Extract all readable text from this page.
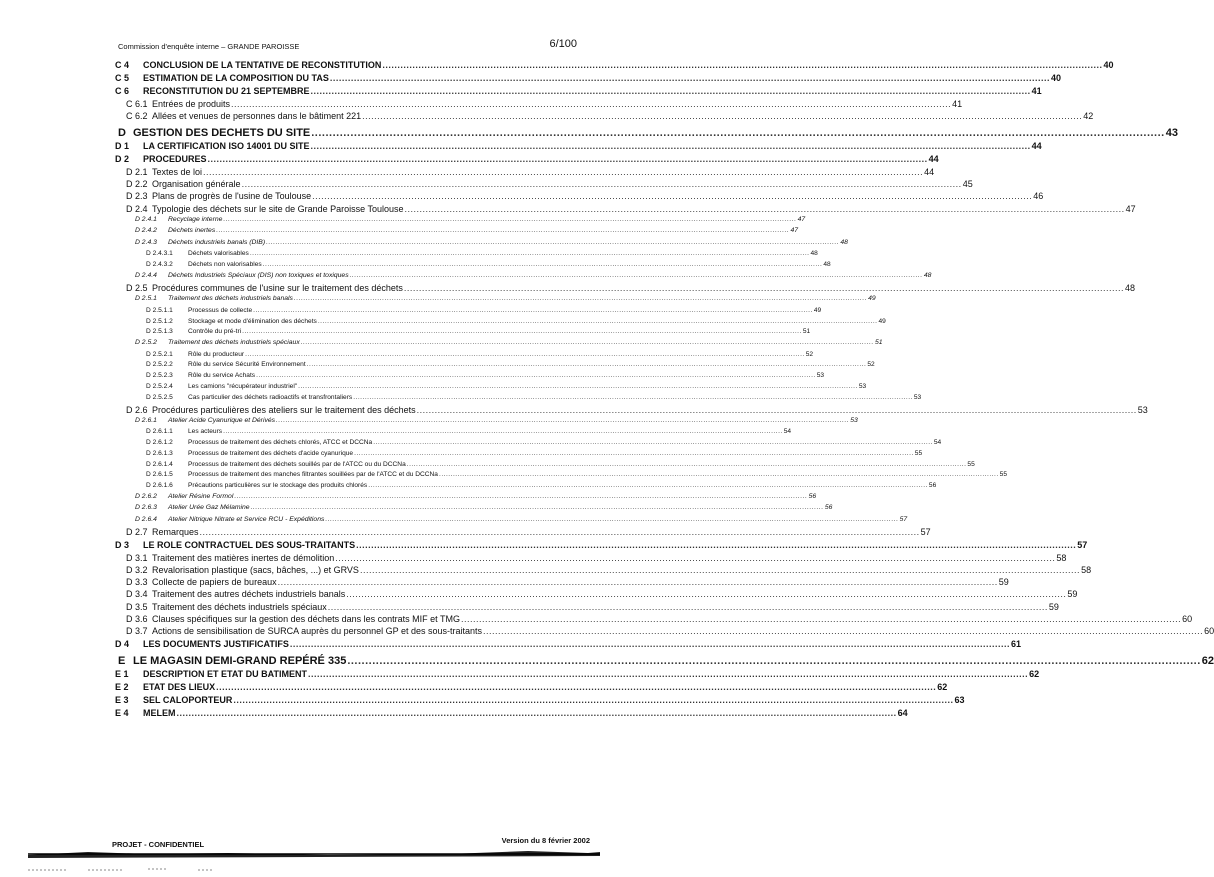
Commission d'enquête interne – GRANDE PAROISSE	6/100
C 4	CONCLUSION DE LA TENTATIVE DE RECONSTITUTION .....	40
C 5	ESTIMATION DE LA COMPOSITION DU TAS .....	40
C 6	RECONSTITUTION DU 21 SEPTEMBRE .....	41
C 6.1 Entrées de produits .....	41
C 6.2 Allées et venues de personnes dans le bâtiment 221 .....	42
D GESTION DES DECHETS DU SITE .....	43
D 1	LA CERTIFICATION ISO 14001 DU SITE .....	44
D 2	PROCEDURES .....	44
D 2.1 Textes de loi .....	44
D 2.2 Organisation générale .....	45
D 2.3 Plans de progrès de l'usine de Toulouse .....	46
D 2.4 Typologie des déchets sur le site de Grande Paroisse Toulouse .....	47
D 2.4.1	Recyclage interne .....	47
D 2.4.2	Déchets inertes .....	47
D 2.4.3	Déchets industriels banals (DIB) .....	48
D 2.4.3.1	Déchets valorisables .....	48
D 2.4.3.2	Déchets non valorisables .....	48
D 2.4.4	Déchets Industriels Spéciaux (DIS) non toxiques et toxiques .....	48
D 2.5 Procédures communes de l'usine sur le traitement des déchets .....	48
D 2.5.1	Traitement des déchets industriels banals .....	49
D 2.5.1.1	Processus de collecte .....	49
D 2.5.1.2	Stockage et mode d'élimination des déchets .....	49
D 2.5.1.3	Contrôle du pré-tri .....	51
D 2.5.2	Traitement des déchets industriels spéciaux .....	51
D 2.5.2.1	Rôle du producteur .....	52
D 2.5.2.2	Rôle du service Sécurité Environnement .....	52
D 2.5.2.3	Rôle du service Achats .....	53
D 2.5.2.4	Les camions "récupérateur industriel" .....	53
D 2.5.2.5	Cas particulier des déchets radioactifs et transfrontaliers .....	53
D 2.6 Procédures particulières des ateliers sur le traitement des déchets .....	53
D 2.6.1	Atelier Acide Cyanurique et Dérivés .....	53
D 2.6.1.1	Les acteurs .....	54
D 2.6.1.2	Processus de traitement des déchets chlorés, ATCC et DCCNa .....	54
D 2.6.1.3	Processus de traitement des déchets d'acide cyanurique .....	55
D 2.6.1.4	Processus de traitement des déchets souillés par de l'ATCC ou du DCCNa .....	55
D 2.6.1.5	Processus de traitement des manches filtrantes souillées par de l'ATCC et du DCCNa .....	55
D 2.6.1.6	Précautions particulières sur le stockage des produits chlorés .....	56
D 2.6.2	Atelier Résine Formol .....	56
D 2.6.3	Atelier Urée Gaz Mélamine .....	56
D 2.6.4	Atelier Nitrique Nitrate et Service RCU - Expéditions .....	57
D 2.7 Remarques .....	57
D 3	LE ROLE CONTRACTUEL DES SOUS-TRAITANTS .....	57
D 3.1 Traitement des matières inertes de démolition .....	58
D 3.2 Revalorisation plastique (sacs, bâches, ...) et GRVS .....	58
D 3.3 Collecte de papiers de bureaux .....	59
D 3.4 Traitement des autres déchets industriels banals .....	59
D 3.5 Traitement des déchets industriels spéciaux .....	59
D 3.6 Clauses spécifiques sur la gestion des déchets dans les contrats MIF et TMG .....	60
D 3.7 Actions de sensibilisation de SURCA auprès du personnel GP et des sous-traitants .....	60
D 4	LES DOCUMENTS JUSTIFICATIFS .....	61
E LE MAGASIN DEMI-GRAND REPÉRÉ 335 .....	62
E 1	DESCRIPTION ET ETAT DU BATIMENT .....	62
E 2	ETAT DES LIEUX .....	62
E 3	SEL CALOPORTEUR .....	63
E 4	MELEM .....	64
PROJET - CONFIDENTIEL	Version du 8 février 2002
